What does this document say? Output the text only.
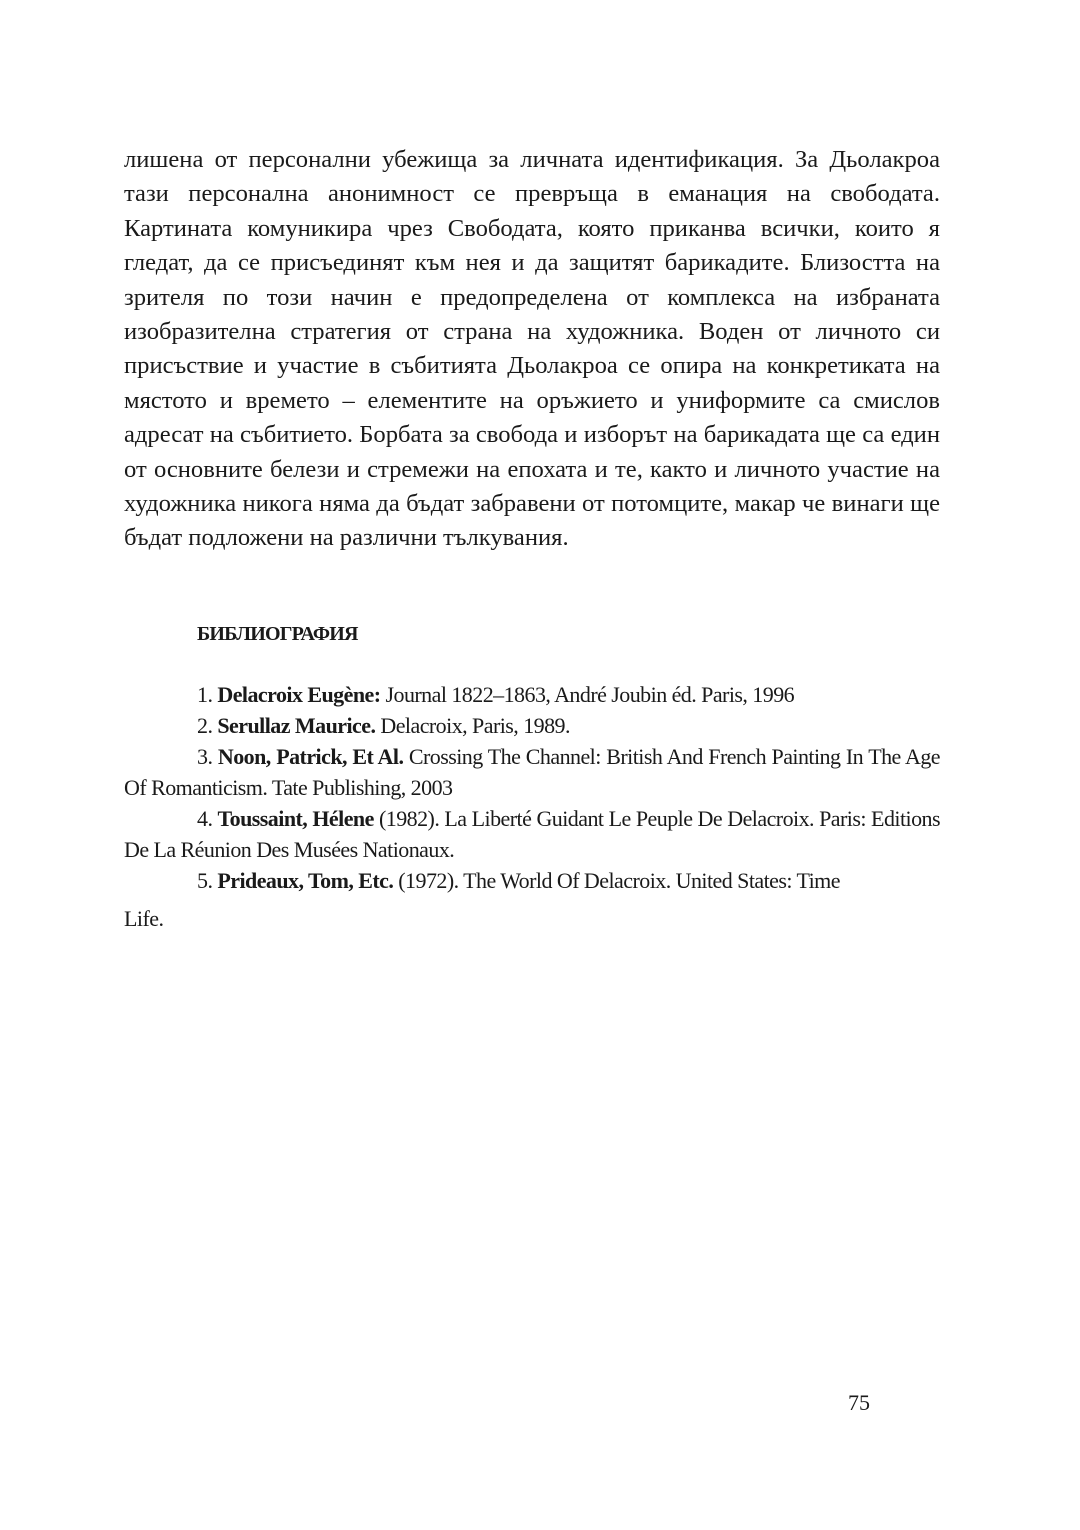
лишена от персонални убежища за личната идентификация. За Дьолакроа тази персонална анонимност се превръща в еманация на свободата. Картината комуникира чрез Свободата, която приканва всички, които я гледат, да се присъединят към нея и да защитят барикадите. Близостта на зрителя по този начин е предопределена от комплекса на избраната изобразителна стратегия от страна на художника. Воден от личното си присъствие и участие в събитията Дьолакроа се опира на конкретиката на мястото и времето – елементите на оръжието и униформите са смислов адресат на събитието. Борбата за свобода и изборът на барикадата ще са един от основните белези и стремежи на епохата и те, както и личното участие на художника никога няма да бъдат забравени от потомците, макар че винаги ще бъдат подложени на различни тълкувания.

БИБЛИОГРАФИЯ
1. Delacroix Eugène: Journal 1822–1863, André Joubin éd. Paris, 1996
2. Serullaz Maurice. Delacroix, Paris, 1989.
3. Noon, Patrick, Et Al. Crossing The Channel: British And French Painting In The Age Of Romanticism. Tate Publishing, 2003
4. Toussaint, Hélene (1982). La Liberté Guidant Le Peuple De Delacroix. Paris: Editions De La Réunion Des Musées Nationaux.
5. Prideaux, Tom, Etc. (1972). The World Of Delacroix. United States: Time
Life.

75
